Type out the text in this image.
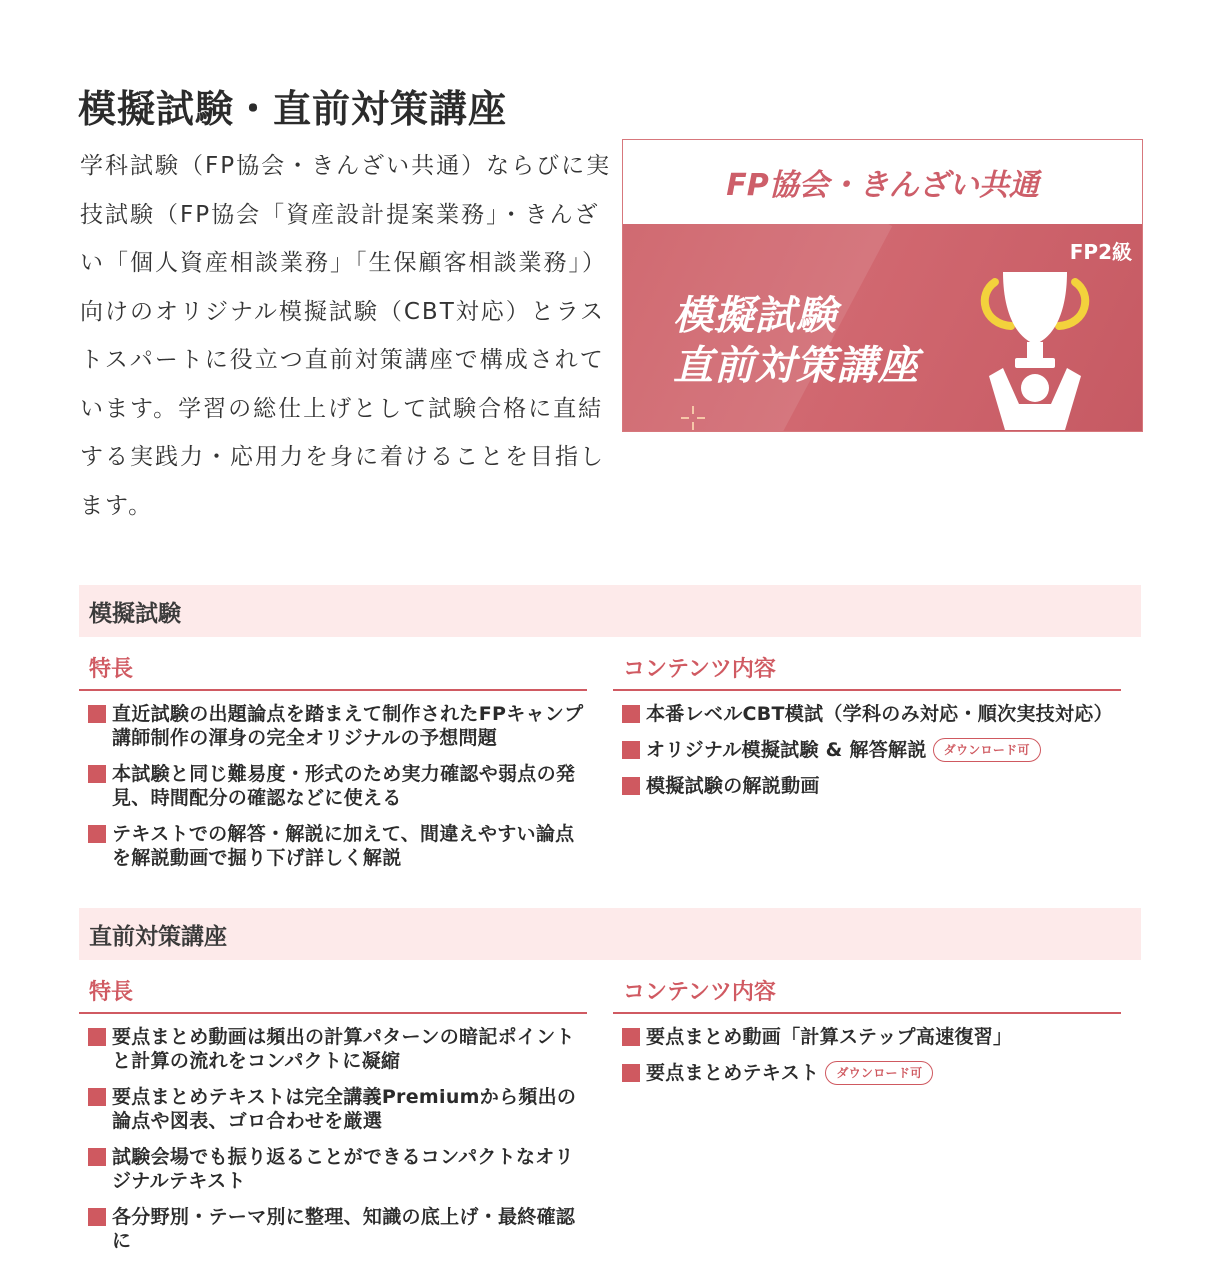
模擬試験・直前対策講座

学科試験（FP協会・きんざい共通）ならびに実技試験（FP協会「資産設計提案業務」・きんざい「個人資産相談業務」「生保顧客相談業務」）向けのオリジナル模擬試験（CBT対応）とラストスパートに役立つ直前対策講座で構成されています。学習の総仕上げとして試験合格に直結する実践力・応用力を身に着けることを目指します。

FP協会・きんざい共通
FP2級
模擬試験
直前対策講座
模擬試験
特長
直近試験の出題論点を踏まえて制作されたFPキャンプ講師制作の渾身の完全オリジナルの予想問題
本試験と同じ難易度・形式のため実力確認や弱点の発見、時間配分の確認などに使える
テキストでの解答・解説に加えて、間違えやすい論点を解説動画で掘り下げ詳しく解説
コンテンツ内容
本番レベルCBT模試（学科のみ対応・順次実技対応）
オリジナル模擬試験 & 解答解説 ダウンロード可
模擬試験の解説動画
直前対策講座
特長
要点まとめ動画は頻出の計算パターンの暗記ポイントと計算の流れをコンパクトに凝縮
要点まとめテキストは完全講義Premiumから頻出の論点や図表、ゴロ合わせを厳選
試験会場でも振り返ることができるコンパクトなオリジナルテキスト
各分野別・テーマ別に整理、知識の底上げ・最終確認に
コンテンツ内容
要点まとめ動画「計算ステップ高速復習」
要点まとめテキスト ダウンロード可
